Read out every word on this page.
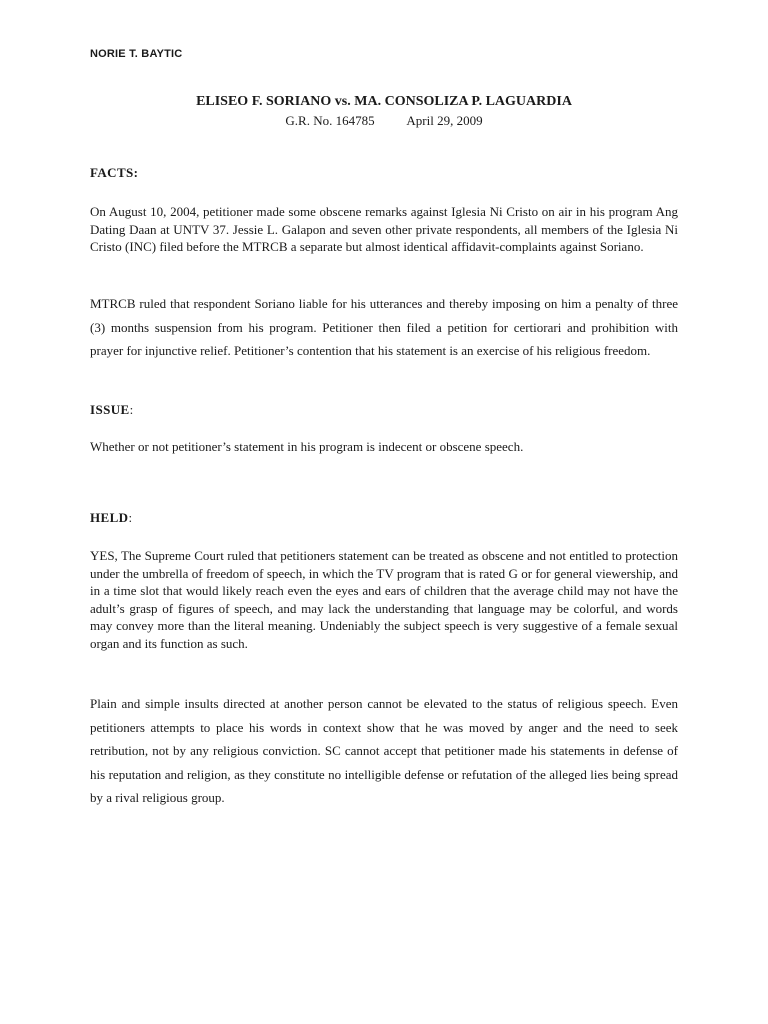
NORIE T. BAYTIC
ELISEO F. SORIANO vs. MA. CONSOLIZA P. LAGUARDIA
G.R. No. 164785          April 29, 2009
FACTS:

On August 10, 2004, petitioner made some obscene remarks against Iglesia Ni Cristo on air in his program Ang Dating Daan at UNTV 37. Jessie L. Galapon and seven other private respondents, all members of the Iglesia Ni Cristo (INC) filed before the MTRCB a separate but almost identical affidavit-complaints against Soriano.

MTRCB ruled that respondent Soriano liable for his utterances and thereby imposing on him a penalty of three (3) months suspension from his program. Petitioner then filed a petition for certiorari and prohibition with prayer for injunctive relief. Petitioner’s contention that his statement is an exercise of his religious freedom.

ISSUE:

Whether or not petitioner’s statement in his program is indecent or obscene speech.

HELD:

YES, The Supreme Court ruled that petitioners statement can be treated as obscene and not entitled to protection under the umbrella of freedom of speech, in which the TV program that is rated G or for general viewership, and in a time slot that would likely reach even the eyes and ears of children that the average child may not have the adult’s grasp of figures of speech, and may lack the understanding that language may be colorful, and words may convey more than the literal meaning. Undeniably the subject speech is very suggestive of a female sexual organ and its function as such.

Plain and simple insults directed at another person cannot be elevated to the status of religious speech. Even petitioners attempts to place his words in context show that he was moved by anger and the need to seek retribution, not by any religious conviction. SC cannot accept that petitioner made his statements in defense of his reputation and religion, as they constitute no intelligible defense or refutation of the alleged lies being spread by a rival religious group.
